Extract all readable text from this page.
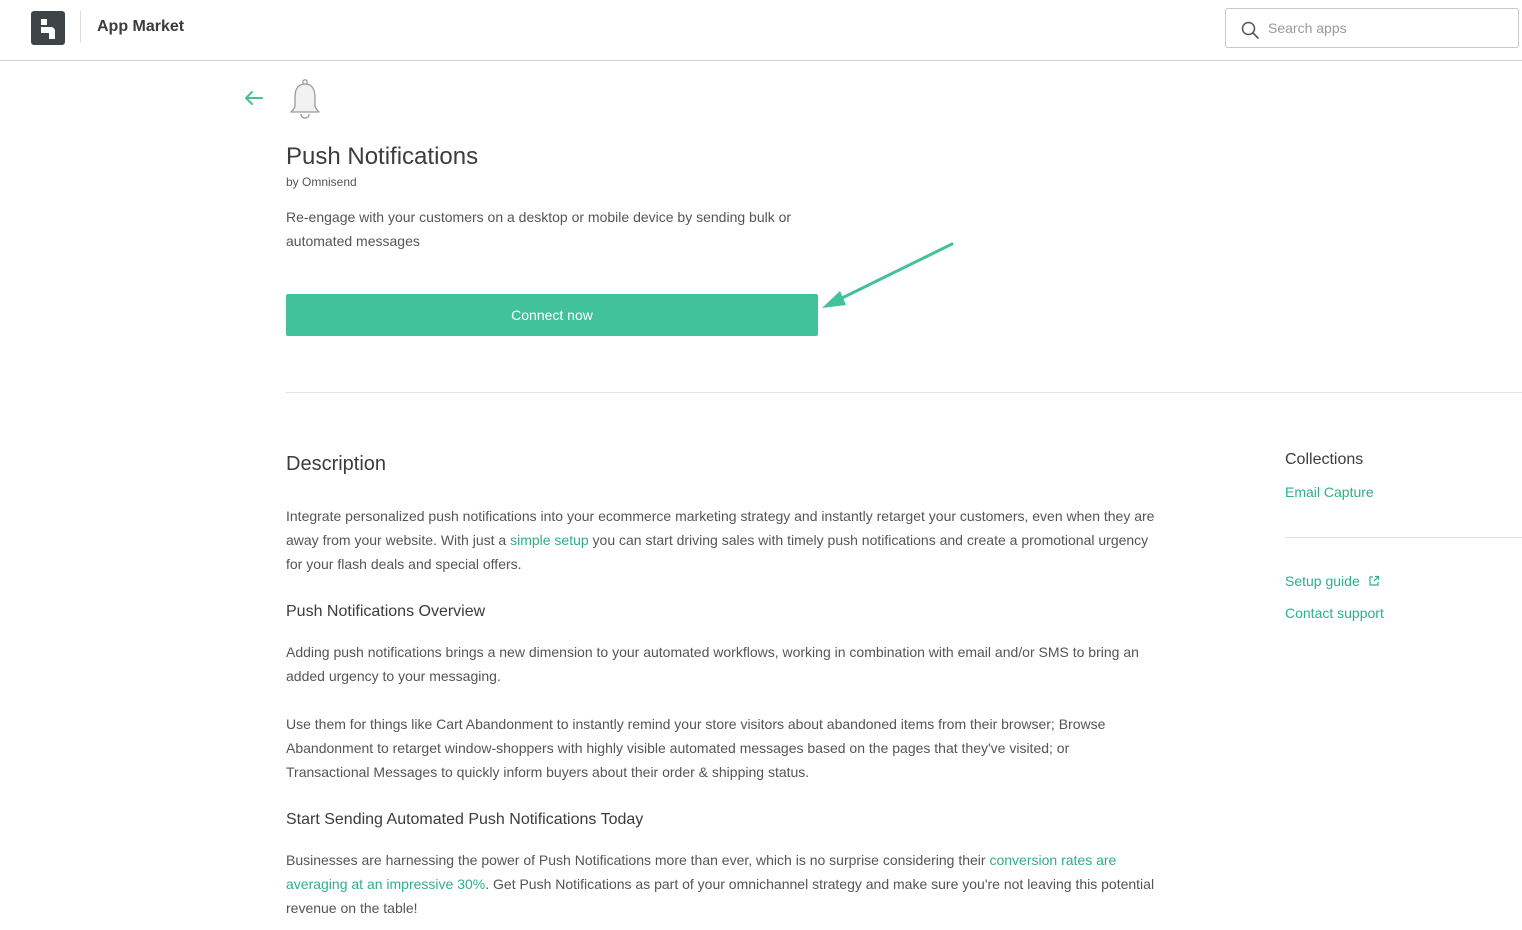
App Market
Search apps
Push Notifications
by Omnisend
Re-engage with your customers on a desktop or mobile device by sending bulk or automated messages
Connect now
Description
Integrate personalized push notifications into your ecommerce marketing strategy and instantly retarget your customers, even when they are away from your website. With just a simple setup you can start driving sales with timely push notifications and create a promotional urgency for your flash deals and special offers.
Push Notifications Overview
Adding push notifications brings a new dimension to your automated workflows, working in combination with email and/or SMS to bring an added urgency to your messaging.
Use them for things like Cart Abandonment to instantly remind your store visitors about abandoned items from their browser; Browse Abandonment to retarget window-shoppers with highly visible automated messages based on the pages that they've visited; or Transactional Messages to quickly inform buyers about their order & shipping status.
Start Sending Automated Push Notifications Today
Businesses are harnessing the power of Push Notifications more than ever, which is no surprise considering their conversion rates are averaging at an impressive 30%. Get Push Notifications as part of your omnichannel strategy and make sure you're not leaving this potential revenue on the table!
Collections
Email Capture
Setup guide
Contact support
